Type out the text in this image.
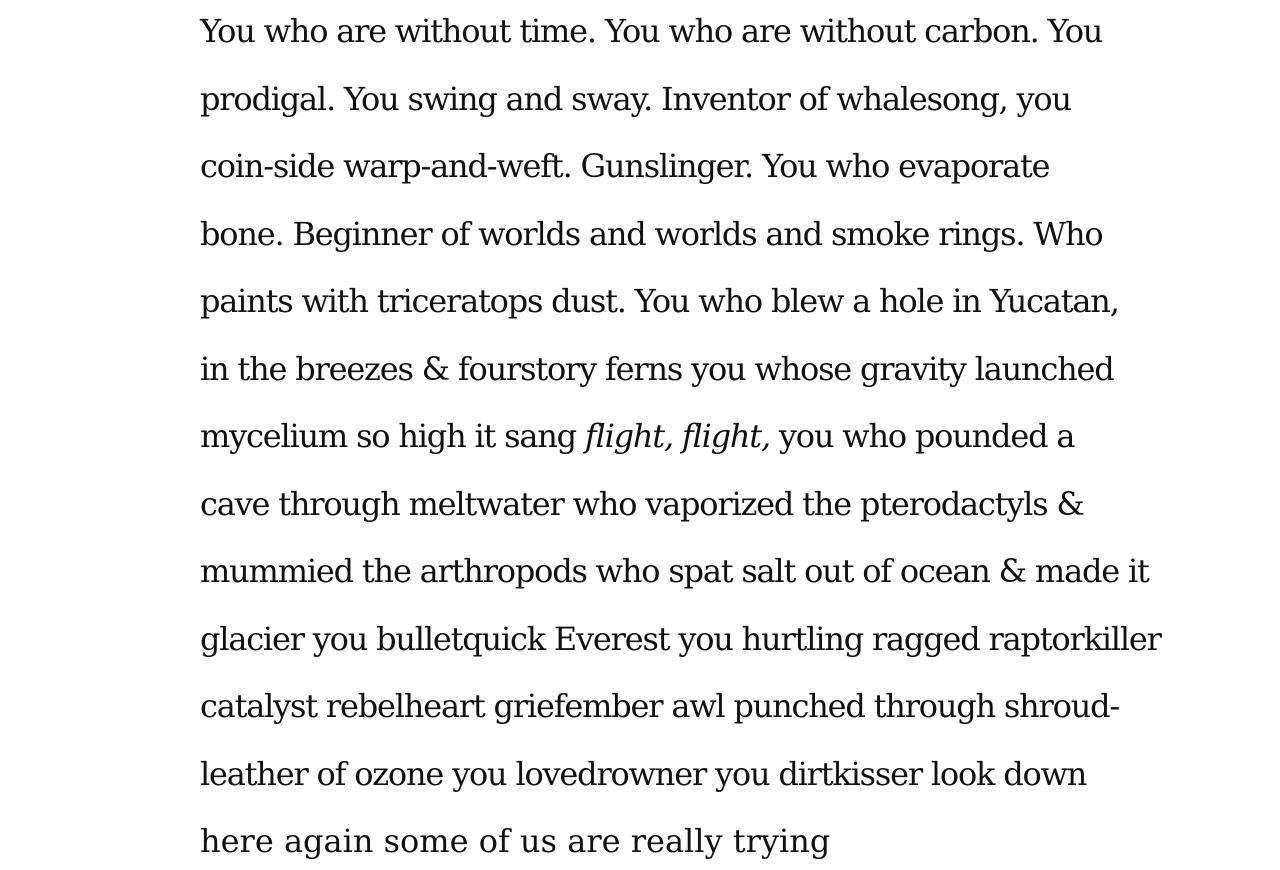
You who are without time. You who are without carbon. You
prodigal. You swing and sway. Inventor of whalesong, you
coin-side warp-and-weft. Gunslinger. You who evaporate
bone. Beginner of worlds and worlds and smoke rings. Who
paints with triceratops dust. You who blew a hole in Yucatan,
in the breezes & fourstory ferns you whose gravity launched
mycelium so high it sang flight, flight, you who pounded a
cave through meltwater who vaporized the pterodactyls &
mummied the arthropods who spat salt out of ocean & made it
glacier you bulletquick Everest you hurtling ragged raptorkiller
catalyst rebelheart griefember awl punched through shroud-
leather of ozone you lovedrowner you dirtkisser look down
here again some of us are really trying
